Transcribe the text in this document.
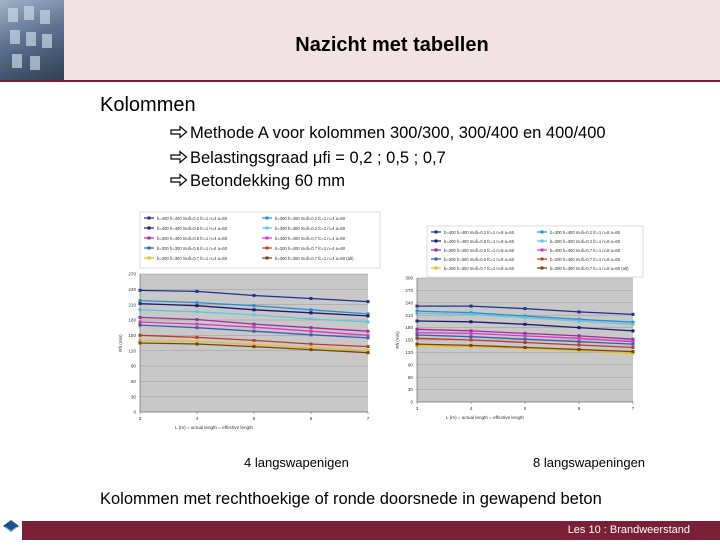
Nazicht met tabellen
Kolommen
Methode A voor kolommen 300/300, 300/400 en 400/400
Belastingsgraad μfi = 0,2 ; 0,5 ; 0,7
Betondekking 60 mm
b=400 h=400 mufi=0.2 fc=1 n=4 a=60	b=300 h=400 mufi=0.2 fc=1 n=4 a=60
b=400 h=400 mufi=0.5 fc=1 n=4 a=60	b=300 h=300 mufi=0.2 fc=1 n=4 a=60
b=300 h=400 mufi=0.5 fc=1 n=4 a=60	b=400 h=400 mufi=0.7 fc=1 n=4 a=60
b=300 h=300 mufi=0.5 fc=1 n=4 a=60	b=300 h=400 mufi=0.7 fc=1 n=4 a=60
b=300 h=300 mufi=0.7 fc=1 n=4 a=60	b=300 h=300 mufi=0.7 fc=1 n=4 a=60 (alt)
0
30
60
90
120
150
180
210
240
270
3	4	5	6	7
Rfi (min)
L (m) = actual length = effective length
b=400 h=400 mufi=0.2 fc=1 n=8 a=60	b=300 h=400 mufi=0.2 fc=1 n=8 a=60
b=400 h=400 mufi=0.5 fc=1 n=8 a=60	b=300 h=300 mufi=0.2 fc=1 n=8 a=60
b=300 h=400 mufi=0.5 fc=1 n=8 a=60	b=400 h=400 mufi=0.7 fc=1 n=8 a=60
b=300 h=300 mufi=0.5 fc=1 n=8 a=60	b=300 h=400 mufi=0.7 fc=1 n=8 a=60
b=300 h=300 mufi=0.7 fc=1 n=8 a=60	b=300 h=300 mufi=0.7 fc=1 n=8 a=60 (alt)
0
30
60
90
120
150
180
210
240
270
300
3	4	5	6	7
Rfi (min)
L (m) = actual length = effective length
4 langswapenigen	8 langswapeningen
Kolommen met rechthoekige of ronde doorsnede in gewapend beton
Les 10 : Brandweerstand
